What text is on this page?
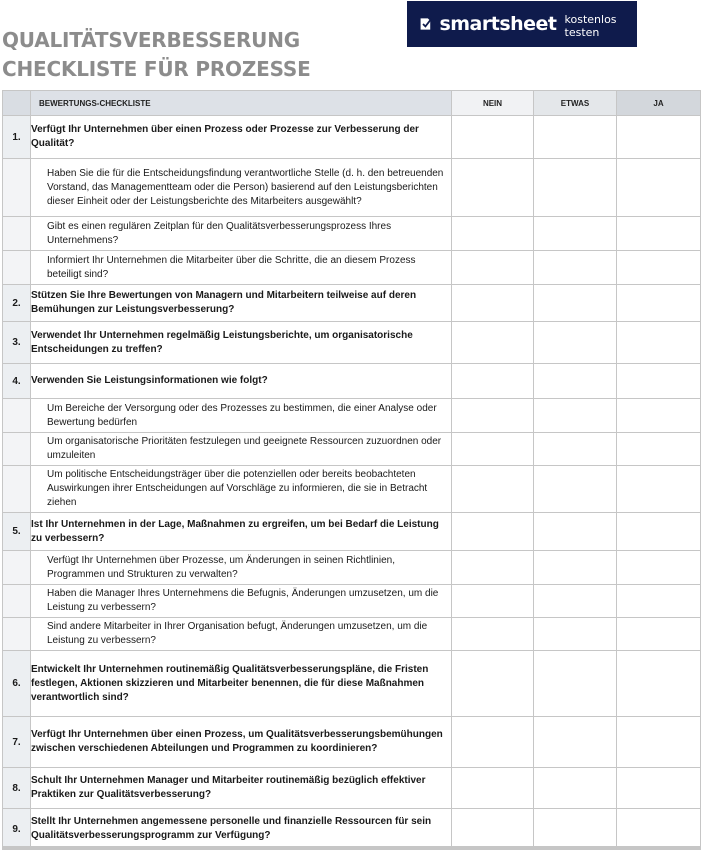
QUALITÄTSVERBESSERUNG
CHECKLISTE FÜR PROZESSE
smartsheet kostenlos testen
	BEWERTUNGS-CHECKLISTE	NEIN	ETWAS	JA
1.	Verfügt Ihr Unternehmen über einen Prozess oder Prozesse zur Verbesserung der Qualität?			
	Haben Sie die für die Entscheidungsfindung verantwortliche Stelle (d. h. den betreuenden Vorstand, das Managementteam oder die Person) basierend auf den Leistungsberichten dieser Einheit oder der Leistungsberichte des Mitarbeiters ausgewählt?			
	Gibt es einen regulären Zeitplan für den Qualitätsverbesserungsprozess Ihres Unternehmens?			
	Informiert Ihr Unternehmen die Mitarbeiter über die Schritte, die an diesem Prozess beteiligt sind?			
2.	Stützen Sie Ihre Bewertungen von Managern und Mitarbeitern teilweise auf deren Bemühungen zur Leistungsverbesserung?			
3.	Verwendet Ihr Unternehmen regelmäßig Leistungsberichte, um organisatorische Entscheidungen zu treffen?			
4.	Verwenden Sie Leistungsinformationen wie folgt?			
	Um Bereiche der Versorgung oder des Prozesses zu bestimmen, die einer Analyse oder Bewertung bedürfen			
	Um organisatorische Prioritäten festzulegen und geeignete Ressourcen zuzuordnen oder umzuleiten			
	Um politische Entscheidungsträger über die potenziellen oder bereits beobachteten Auswirkungen ihrer Entscheidungen auf Vorschläge zu informieren, die sie in Betracht ziehen			
5.	Ist Ihr Unternehmen in der Lage, Maßnahmen zu ergreifen, um bei Bedarf die Leistung zu verbessern?			
	Verfügt Ihr Unternehmen über Prozesse, um Änderungen in seinen Richtlinien, Programmen und Strukturen zu verwalten?			
	Haben die Manager Ihres Unternehmens die Befugnis, Änderungen umzusetzen, um die Leistung zu verbessern?			
	Sind andere Mitarbeiter in Ihrer Organisation befugt, Änderungen umzusetzen, um die Leistung zu verbessern?			
6.	Entwickelt Ihr Unternehmen routinemäßig Qualitätsverbesserungspläne, die Fristen festlegen, Aktionen skizzieren und Mitarbeiter benennen, die für diese Maßnahmen verantwortlich sind?			
7.	Verfügt Ihr Unternehmen über einen Prozess, um Qualitätsverbesserungsbemühungen zwischen verschiedenen Abteilungen und Programmen zu koordinieren?			
8.	Schult Ihr Unternehmen Manager und Mitarbeiter routinemäßig bezüglich effektiver Praktiken zur Qualitätsverbesserung?			
9.	Stellt Ihr Unternehmen angemessene personelle und finanzielle Ressourcen für sein Qualitätsverbesserungsprogramm zur Verfügung?			
